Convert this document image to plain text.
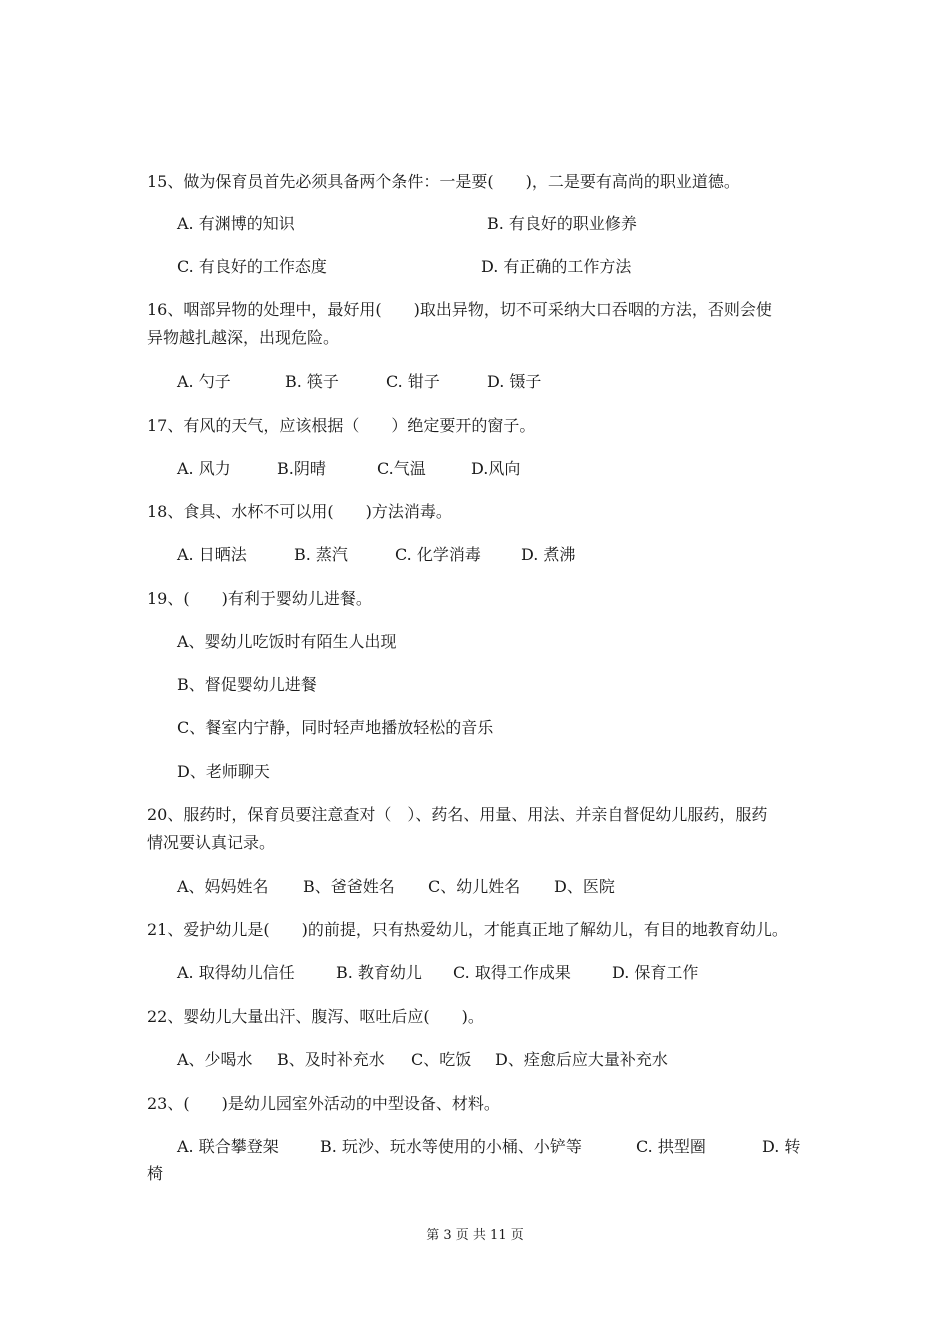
15、做为保育员首先必须具备两个条件：一是要(　　)，二是要有高尚的职业道德。
A. 有渊博的知识	B. 有良好的职业修养
C. 有良好的工作态度	D. 有正确的工作方法
16、咽部异物的处理中，最好用(　　)取出异物，切不可采纳大口吞咽的方法，否则会使
异物越扎越深，出现危险。
A. 勺子	B. 筷子	C. 钳子	D. 镊子
17、有风的天气，应该根据（　　）绝定要开的窗子。
A. 风力	B.阴晴	C.气温	D.风向
18、食具、水杯不可以用(　　)方法消毒。
A. 日晒法	B. 蒸汽	C. 化学消毒	D. 煮沸
19、(　　)有利于婴幼儿进餐。
A、婴幼儿吃饭时有陌生人出现
B、督促婴幼儿进餐
C、餐室内宁静，同时轻声地播放轻松的音乐
D、老师聊天
20、服药时，保育员要注意查对（　）、药名、用量、用法、并亲自督促幼儿服药，服药
情况要认真记录。
A、妈妈姓名 B、爸爸姓名 C、幼儿姓名 D、医院
21、爱护幼儿是(　　)的前提，只有热爱幼儿，才能真正地了解幼儿，有目的地教育幼儿。
A. 取得幼儿信任	B. 教育幼儿 C. 取得工作成果	D. 保育工作
22、婴幼儿大量出汗、腹泻、呕吐后应(　　)。
A、少喝水 B、及时补充水 C、吃饭 D、痊愈后应大量补充水
23、(　　)是幼儿园室外活动的中型设备、材料。
A. 联合攀登架	B. 玩沙、玩水等使用的小桶、小铲等	C. 拱型圈	D. 转
椅
第 3 页 共 11 页
